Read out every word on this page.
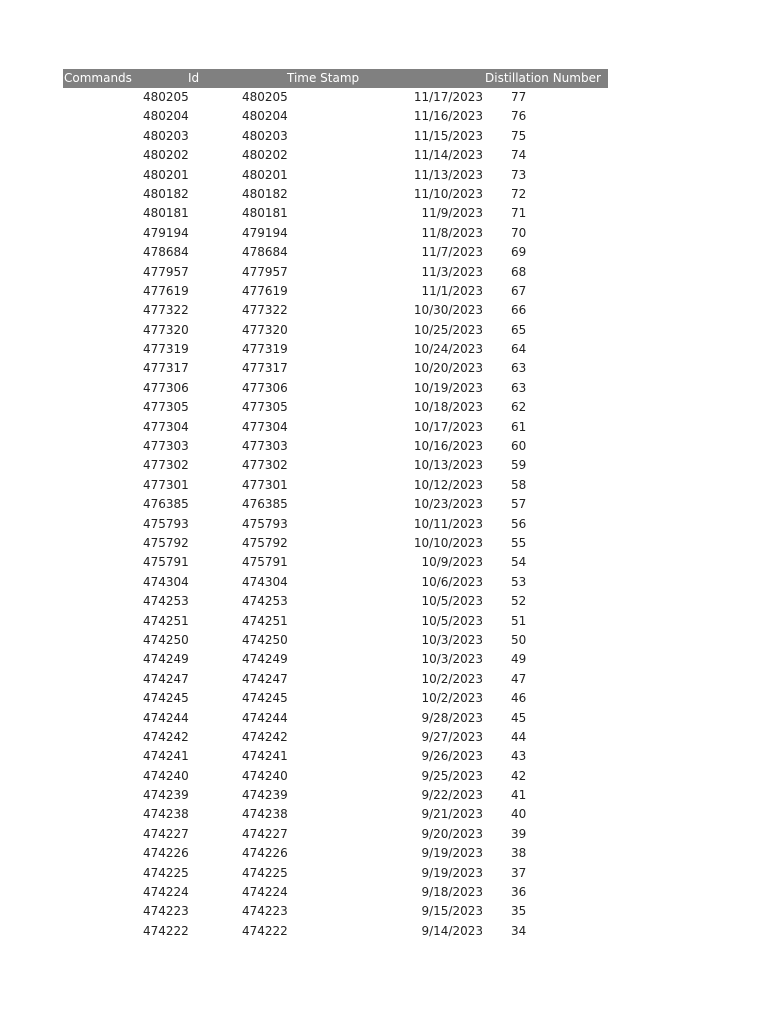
Commands	Id	Time Stamp	Distillation Number
480205	480205	11/17/2023 77
480204	480204	11/16/2023 76
480203	480203	11/15/2023 75
480202	480202	11/14/2023 74
480201	480201	11/13/2023 73
480182	480182	11/10/2023 72
480181	480181	11/9/2023 71
479194	479194	11/8/2023 70
478684	478684	11/7/2023 69
477957	477957	11/3/2023 68
477619	477619	11/1/2023 67
477322	477322	10/30/2023 66
477320	477320	10/25/2023 65
477319	477319	10/24/2023 64
477317	477317	10/20/2023 63
477306	477306	10/19/2023 63
477305	477305	10/18/2023 62
477304	477304	10/17/2023 61
477303	477303	10/16/2023 60
477302	477302	10/13/2023 59
477301	477301	10/12/2023 58
476385	476385	10/23/2023 57
475793	475793	10/11/2023 56
475792	475792	10/10/2023 55
475791	475791	10/9/2023 54
474304	474304	10/6/2023 53
474253	474253	10/5/2023 52
474251	474251	10/5/2023 51
474250	474250	10/3/2023 50
474249	474249	10/3/2023 49
474247	474247	10/2/2023 47
474245	474245	10/2/2023 46
474244	474244	9/28/2023 45
474242	474242	9/27/2023 44
474241	474241	9/26/2023 43
474240	474240	9/25/2023 42
474239	474239	9/22/2023 41
474238	474238	9/21/2023 40
474227	474227	9/20/2023 39
474226	474226	9/19/2023 38
474225	474225	9/19/2023 37
474224	474224	9/18/2023 36
474223	474223	9/15/2023 35
474222	474222	9/14/2023 34
